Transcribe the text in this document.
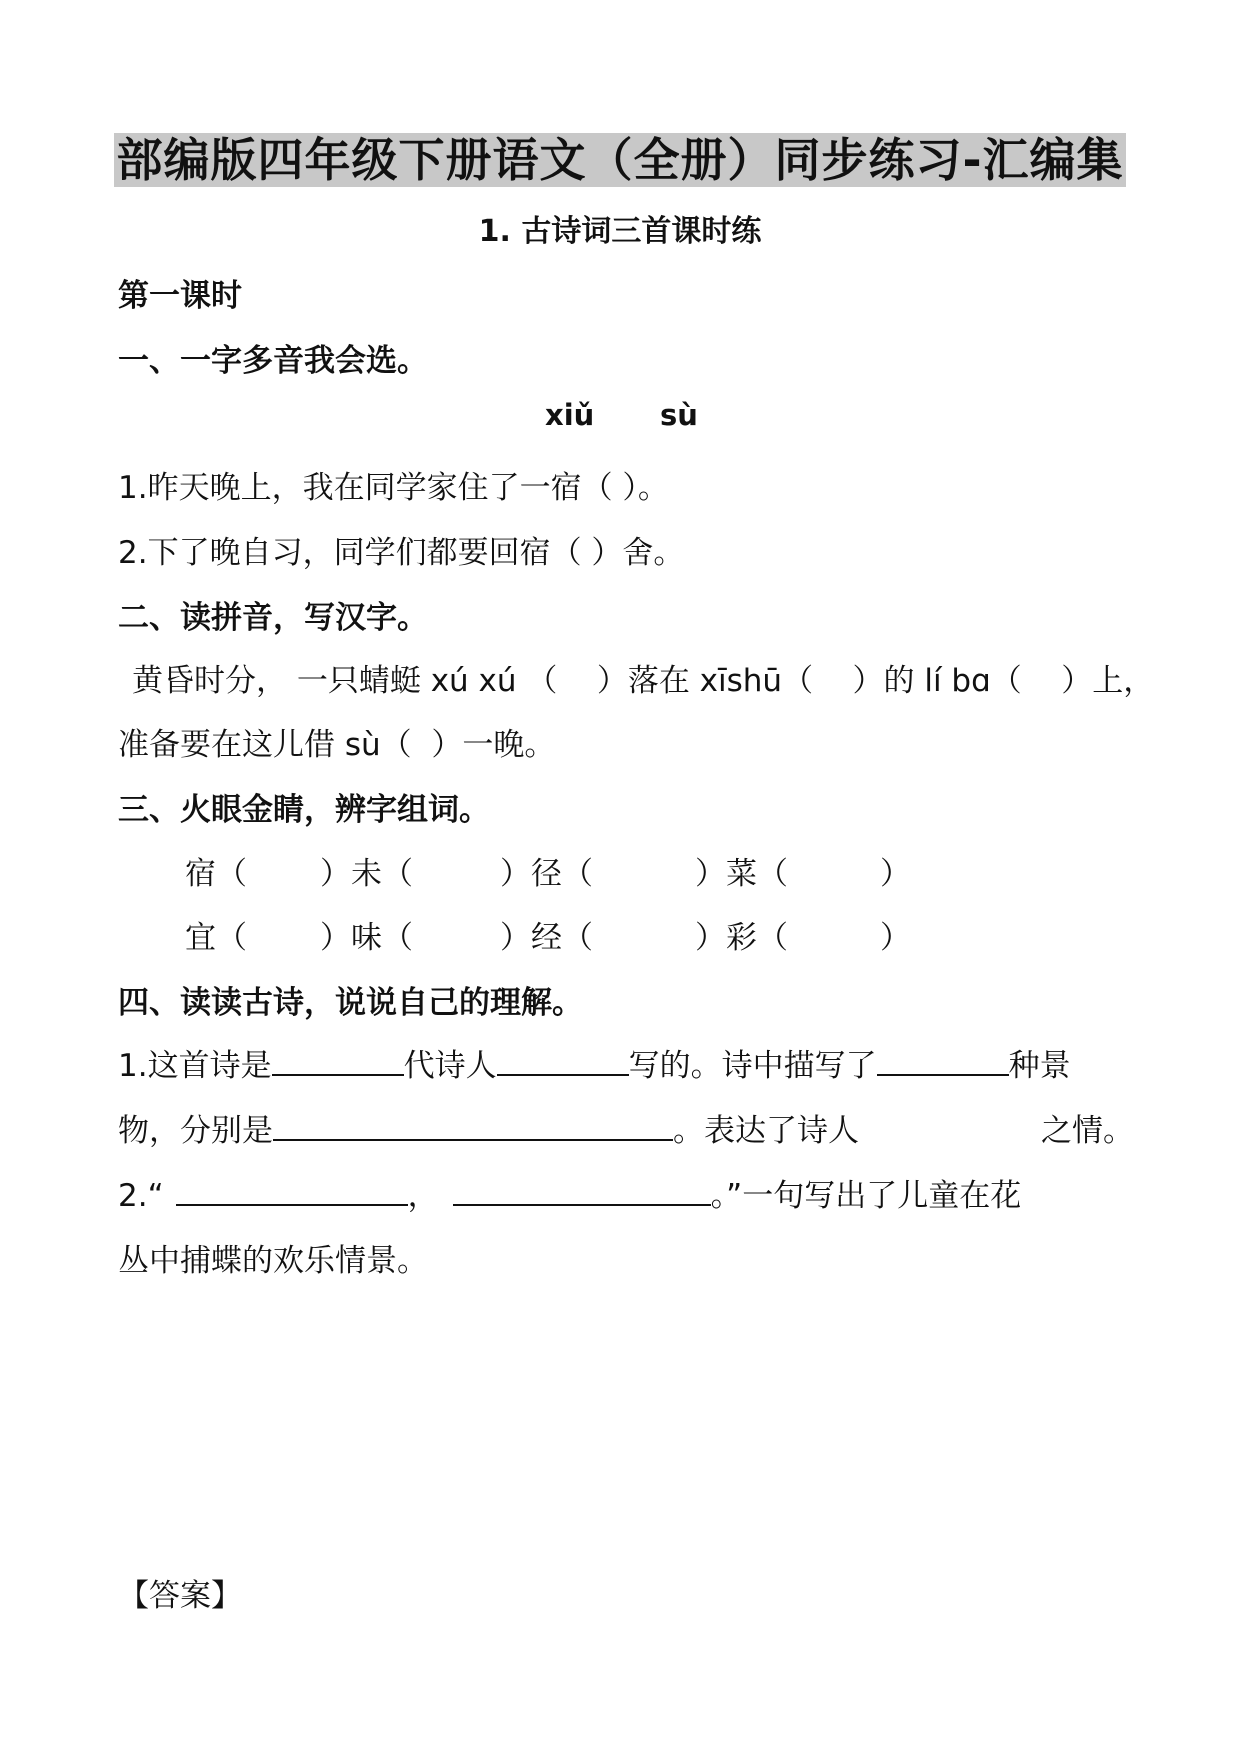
部编版四年级下册语文（全册）同步练习-汇编集
1. 古诗词三首课时练
第一课时
一、一字多音我会选。
xiǔ sù
1.昨天晚上，我在同学家住了一宿（ ）。
2.下了晚自习，同学们都要回宿（ ）舍。
二、读拼音，写汉字。
黄昏时分， 一只蜻蜓 xú xú （    ）落在 xīshū（    ）的 lí bɑ（    ）上，
准备要在这儿借 sù（  ）一晚。
三、火眼金睛，辨字组词。
宿（ ）未（	）径（	）菜（	）
宜（ ）味（	）经（	）彩（	）
四、读读古诗，说说自己的理解。
1.这首诗是	代诗人	写的。诗中描写了	种景
物，分别是	。表达了诗人	之情。
2.“	，	。”一句写出了儿童在花
丛中捕蝶的欢乐情景。
【答案】
